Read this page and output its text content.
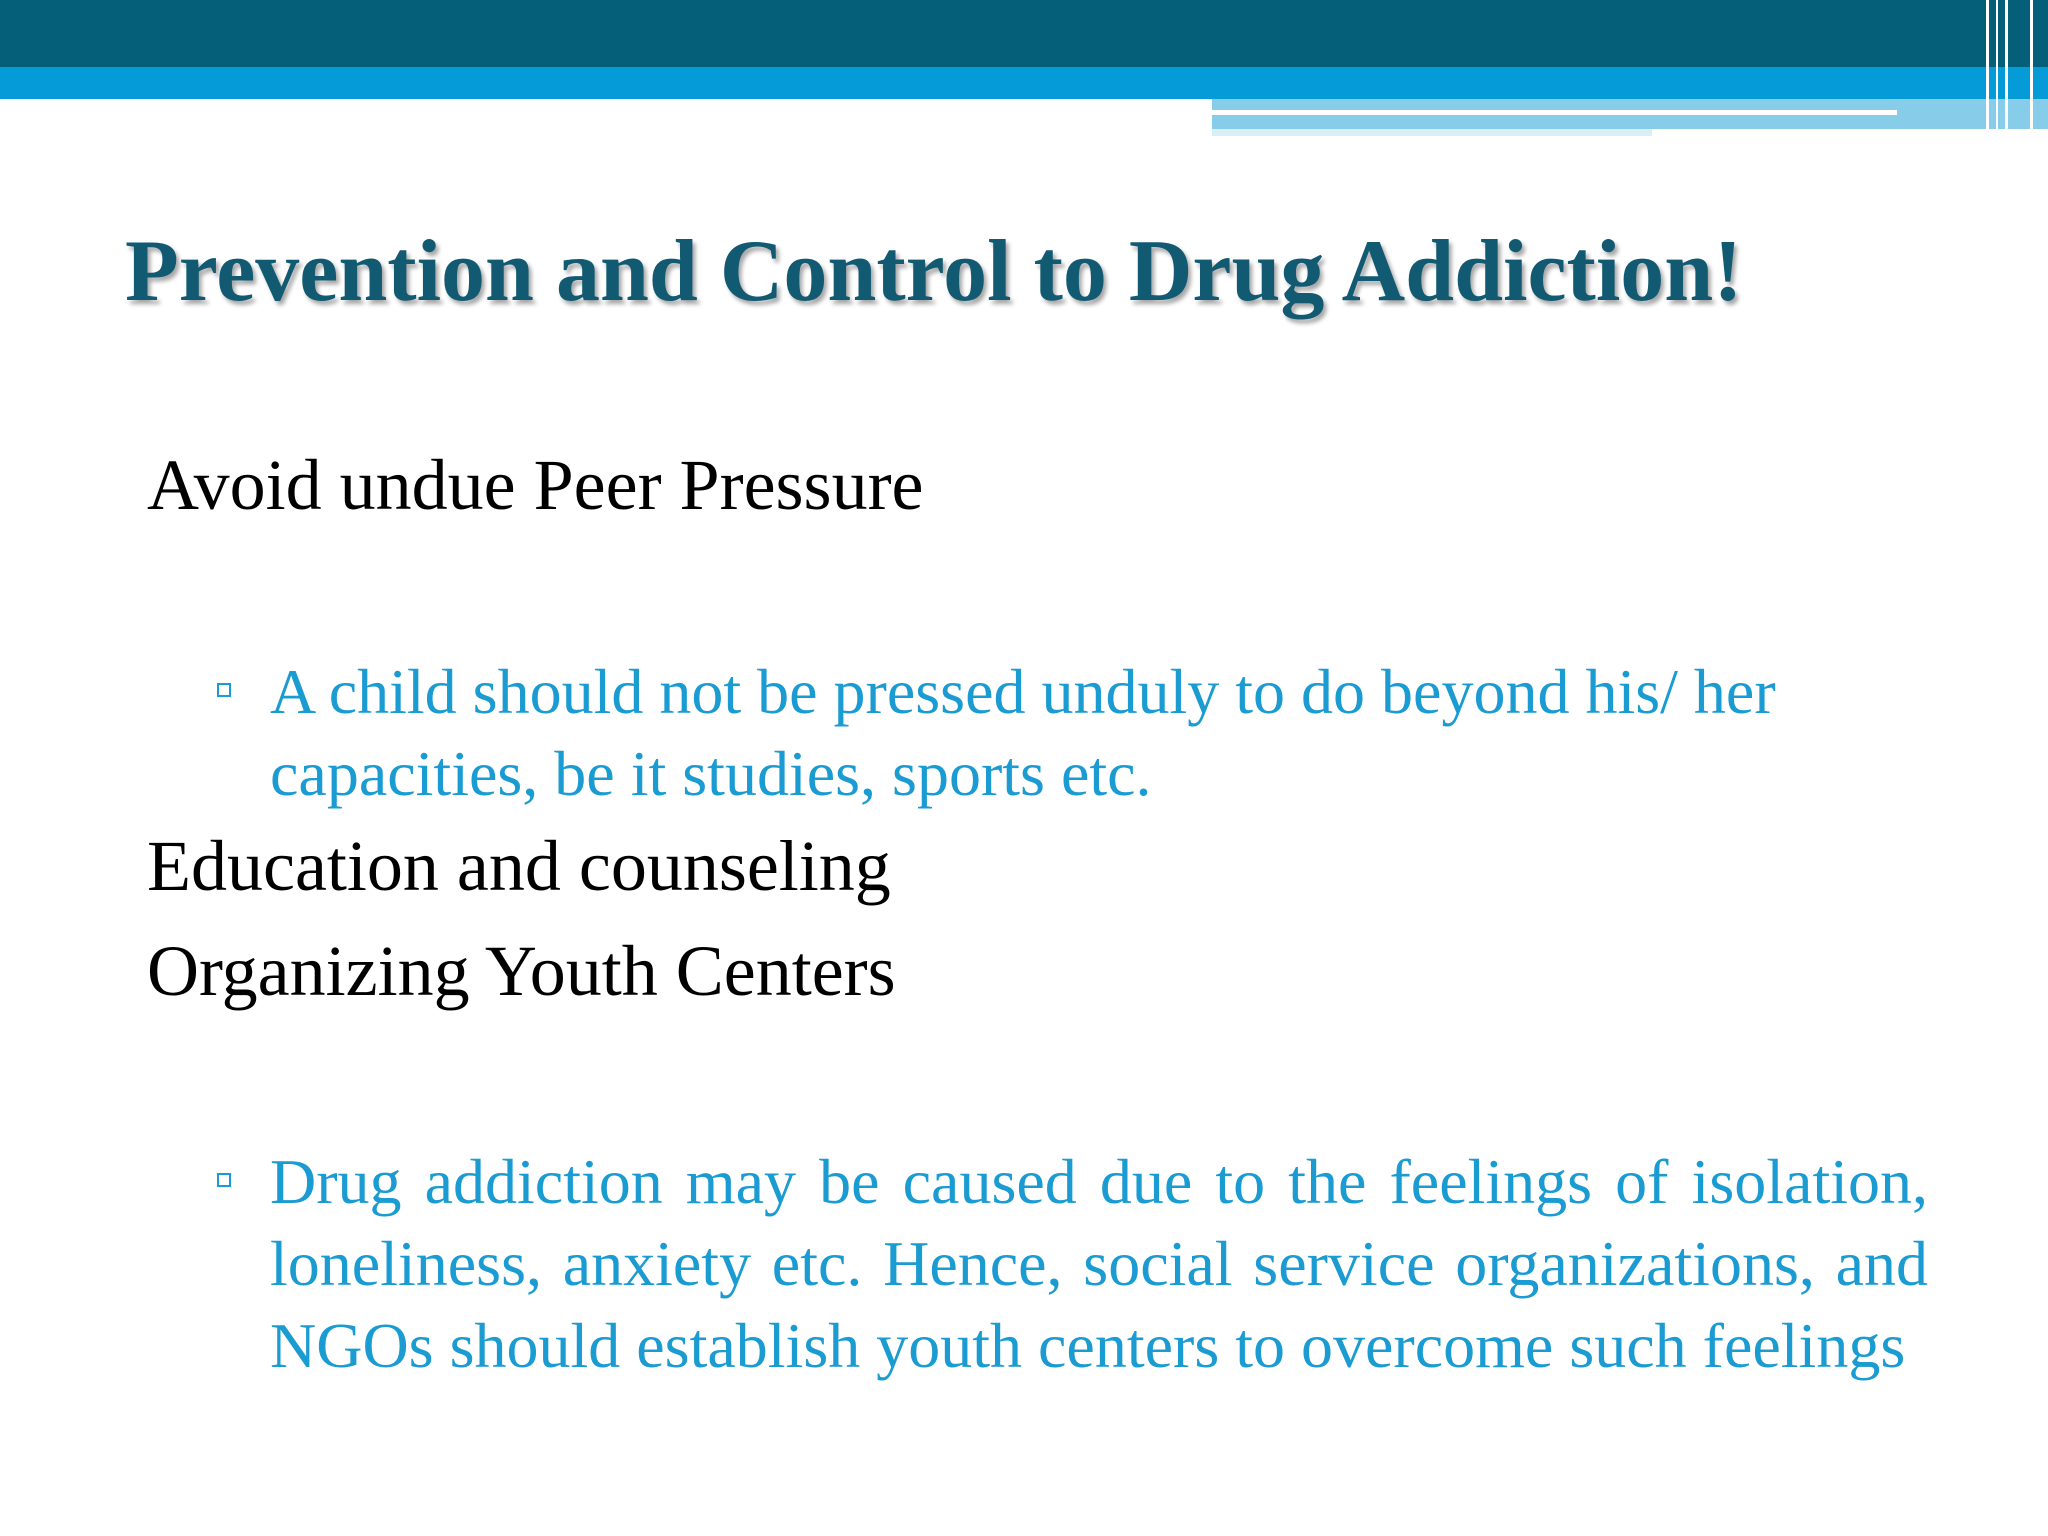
Prevention and Control to Drug Addiction!

Avoid undue Peer Pressure

A child should not be pressed unduly to do beyond his/ her capacities, be it studies, sports etc.

Education and counseling

Organizing Youth Centers

Drug addiction may be caused due to the feelings of isolation, loneliness, anxiety etc. Hence, social service organizations, and NGOs should establish youth centers to overcome such feelings
